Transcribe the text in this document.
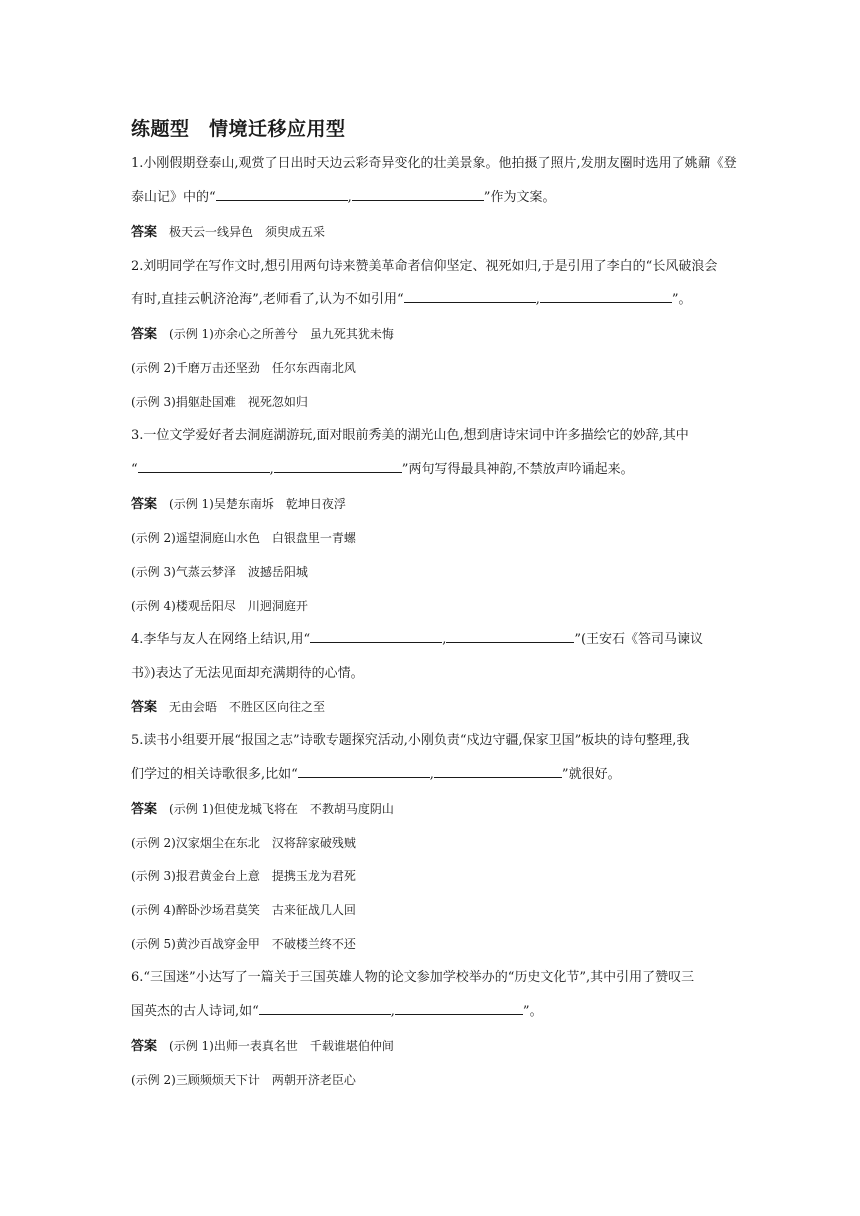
练题型　情境迁移应用型
1.小刚假期登泰山,观赏了日出时天边云彩奇异变化的壮美景象。他拍摄了照片,发朋友圈时选用了姚鼐《登
泰山记》中的“	,	”作为文案。
答案 极天云一线异色　须臾成五采
2.刘明同学在写作文时,想引用两句诗来赞美革命者信仰坚定、视死如归,于是引用了李白的“长风破浪会
有时,直挂云帆济沧海”,老师看了,认为不如引用“	,	”。
答案 (示例 1)亦余心之所善兮　虽九死其犹未悔
(示例 2)千磨万击还坚劲　任尔东西南北风
(示例 3)捐躯赴国难　视死忽如归
3.一位文学爱好者去洞庭湖游玩,面对眼前秀美的湖光山色,想到唐诗宋词中许多描绘它的妙辞,其中
“	,	”两句写得最具神韵,不禁放声吟诵起来。
答案 (示例 1)吴楚东南坼　乾坤日夜浮
(示例 2)遥望洞庭山水色　白银盘里一青螺
(示例 3)气蒸云梦泽　波撼岳阳城
(示例 4)楼观岳阳尽　川迥洞庭开
4.李华与友人在网络上结识,用“	,	”(王安石《答司马谏议
书》)表达了无法见面却充满期待的心情。
答案 无由会晤　不胜区区向往之至
5.读书小组要开展“报国之志”诗歌专题探究活动,小刚负责“戍边守疆,保家卫国”板块的诗句整理,我
们学过的相关诗歌很多,比如“	,	”就很好。
答案 (示例 1)但使龙城飞将在　不教胡马度阴山
(示例 2)汉家烟尘在东北　汉将辞家破残贼
(示例 3)报君黄金台上意　提携玉龙为君死
(示例 4)醉卧沙场君莫笑　古来征战几人回
(示例 5)黄沙百战穿金甲　不破楼兰终不还
6.“三国迷”小达写了一篇关于三国英雄人物的论文参加学校举办的“历史文化节”,其中引用了赞叹三
国英杰的古人诗词,如“	,	”。
答案 (示例 1)出师一表真名世　千载谁堪伯仲间
(示例 2)三顾频烦天下计　两朝开济老臣心
